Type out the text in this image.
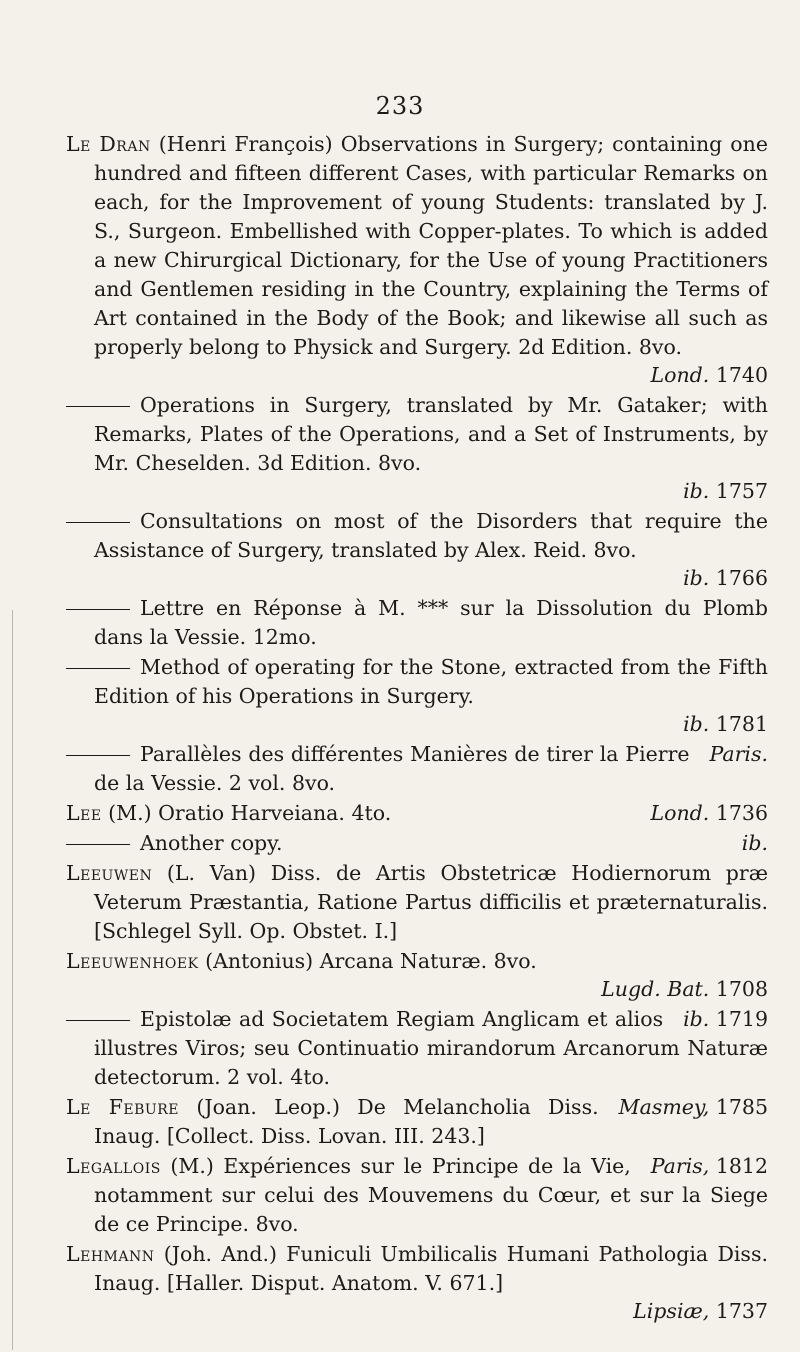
233
Le Dran (Henri François) Observations in Surgery; containing one hundred and fifteen different Cases, with particular Remarks on each, for the Improvement of young Students: translated by J. S., Surgeon. Embellished with Copper-plates. To which is added a new Chirurgical Dictionary, for the Use of young Practitioners and Gentlemen residing in the Country, explaining the Terms of Art contained in the Body of the Book; and likewise all such as properly belong to Physick and Surgery. 2d Edition. 8vo.
Lond. 1740
Operations in Surgery, translated by Mr. Gataker; with Remarks, Plates of the Operations, and a Set of Instruments, by Mr. Cheselden. 3d Edition. 8vo.
ib. 1757
Consultations on most of the Disorders that require the Assistance of Surgery, translated by Alex. Reid. 8vo.
ib. 1766
Lettre en Réponse à M. *** sur la Dissolution du Plomb dans la Vessie. 12mo.
Method of operating for the Stone, extracted from the Fifth Edition of his Operations in Surgery.
ib. 1781
Paris.
Parallèles des différentes Manières de tirer la Pierre de la Vessie. 2 vol. 8vo.
Lond. 1736
Lee (M.) Oratio Harveiana. 4to.
ib.
Another copy.
Leeuwen (L. Van) Diss. de Artis Obstetricæ Hodiernorum præ Veterum Præstantia, Ratione Partus difficilis et præternaturalis. [Schlegel Syll. Op. Obstet. I.]
Leeuwenhoek (Antonius) Arcana Naturæ. 8vo.
Lugd. Bat. 1708
ib. 1719
Epistolæ ad Societatem Regiam Anglicam et alios illustres Viros; seu Continuatio mirandorum Arcanorum Naturæ detectorum. 2 vol. 4to.
Masmey, 1785
Le Febure (Joan. Leop.) De Melancholia Diss. Inaug. [Collect. Diss. Lovan. III. 243.]
Paris, 1812
Legallois (M.) Expériences sur le Principe de la Vie, notamment sur celui des Mouvemens du Cœur, et sur la Siege de ce Principe. 8vo.
Lehmann (Joh. And.) Funiculi Umbilicalis Humani Pathologia Diss. Inaug. [Haller. Disput. Anatom. V. 671.]
Lipsiæ, 1737
